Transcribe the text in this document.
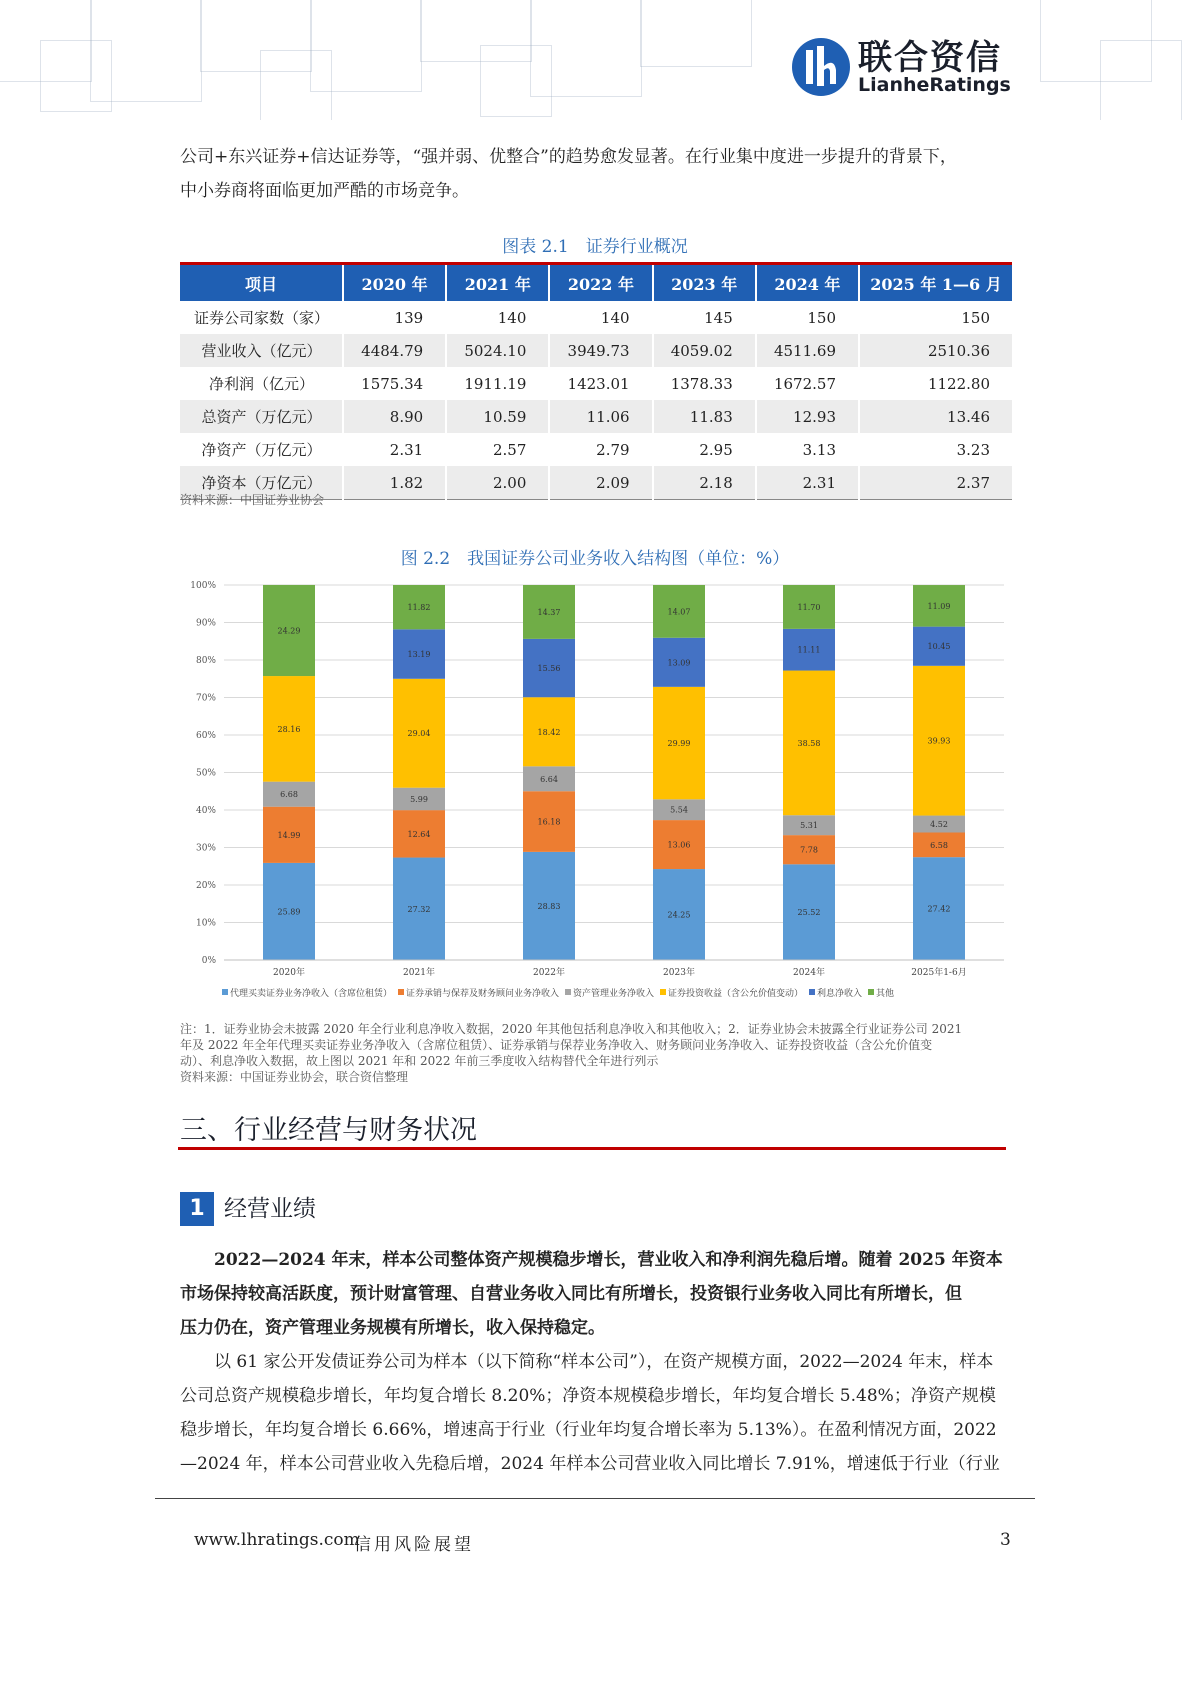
联合资信
LianheRatings
公司+东兴证券+信达证券等，“强并弱、优整合”的趋势愈发显著。在行业集中度进一步提升的背景下，
中小券商将面临更加严酷的市场竞争。
图表 2.1　证券行业概况
项目	2020 年	2021 年	2022 年	2023 年	2024 年	2025 年 1—6 月
证券公司家数（家）	139	140	140	145	150	150
营业收入（亿元）	4484.79	5024.10	3949.73	4059.02	4511.69	2510.36
净利润（亿元）	1575.34	1911.19	1423.01	1378.33	1672.57	1122.80
总资产（万亿元）	8.90	10.59	11.06	11.83	12.93	13.46
净资产（万亿元）	2.31	2.57	2.79	2.95	3.13	3.23
净资本（万亿元）	1.82	2.00	2.09	2.18	2.31	2.37
资料来源：中国证券业协会
图 2.2　我国证券公司业务收入结构图（单位：%）
0%
10%
20%
30%
40%
50%
60%
70%
80%
90%
100%
25.89
14.99
6.68
28.16
24.29
2020年
27.32
12.64
5.99
29.04
13.19
11.82
2021年
28.83
16.18
6.64
18.42
15.56
14.37
2022年
24.25
13.06
5.54
29.99
13.09
14.07
2023年
25.52
7.78
5.31
38.58
11.11
11.70
2024年
27.42
6.58
4.52
39.93
10.45
11.09
2025年1-6月
代理买卖证券业务净收入（含席位租赁） 证券承销与保荐及财务顾问业务净收入 资产管理业务净收入 证券投资收益（含公允价值变动） 利息净收入 其他
注：1．证券业协会未披露 2020 年全行业利息净收入数据，2020 年其他包括利息净收入和其他收入；2．证券业协会未披露全行业证券公司 2021
年及 2022 年全年代理买卖证券业务净收入（含席位租赁）、证券承销与保荐业务净收入、财务顾问业务净收入、证券投资收益（含公允价值变
动）、利息净收入数据，故上图以 2021 年和 2022 年前三季度收入结构替代全年进行列示
资料来源：中国证券业协会，联合资信整理
三、行业经营与财务状况
1 经营业绩
2022—2024 年末，样本公司整体资产规模稳步增长，营业收入和净利润先稳后增。随着 2025 年资本
市场保持较高活跃度，预计财富管理、自营业务收入同比有所增长，投资银行业务收入同比有所增长，但
压力仍在，资产管理业务规模有所增长，收入保持稳定。
以 61 家公开发债证券公司为样本（以下简称“样本公司”），在资产规模方面，2022—2024 年末，样本
公司总资产规模稳步增长，年均复合增长 8.20%；净资本规模稳步增长，年均复合增长 5.48%；净资产规模
稳步增长，年均复合增长 6.66%，增速高于行业（行业年均复合增长率为 5.13%）。在盈利情况方面，2022
—2024 年，样本公司营业收入先稳后增，2024 年样本公司营业收入同比增长 7.91%，增速低于行业（行业
www.lhratings.com
信用风险展望	3
